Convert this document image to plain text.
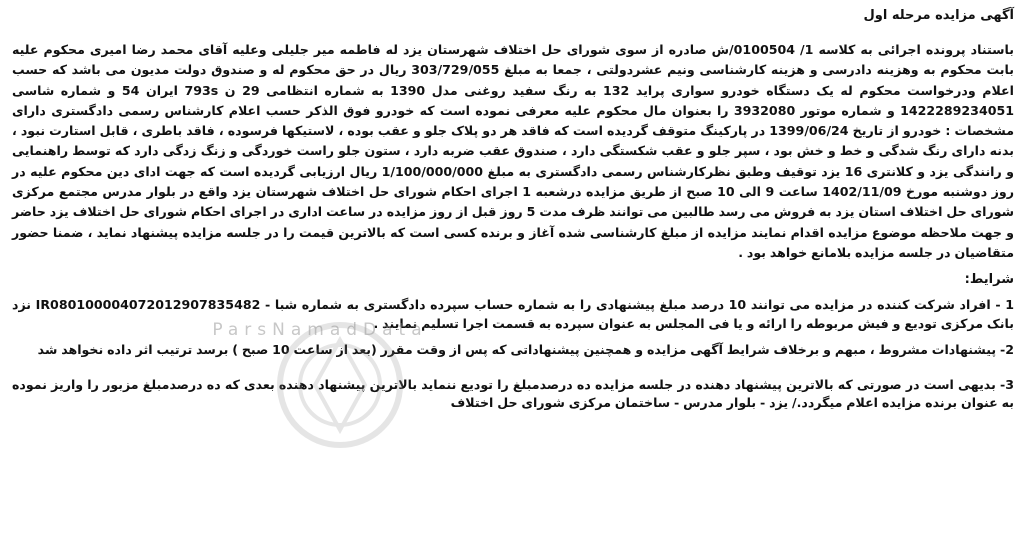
آگهی مزایده مرحله اول
باستناد پرونده اجرائی به کلاسه 1/ 0100504/ش صادره از سوی شورای حل اختلاف شهرستان یزد له فاطمه میر جلیلی وعلیه آقای محمد رضا امیری محکوم علیه بابت محکوم به وهزینه دادرسی و هزینه کارشناسی ونیم عشردولتی ، جمعا به مبلغ 303/729/055 ریال در حق محکوم له و صندوق دولت مدیون می باشد که حسب اعلام ودرخواست محکوم له یک دستگاه خودرو سواری پراید 132 به رنگ سفید روغنی مدل 1390 به شماره انتظامی 29 ن 793s ایران 54 و شماره شاسی 1422289234051 و شماره موتور 3932080 را بعنوان مال محکوم علیه معرفی نموده است که خودرو فوق الذکر حسب اعلام کارشناس رسمی دادگستری دارای مشخصات : خودرو از تاریخ 1399/06/24 در پارکینگ متوقف گردیده است که فاقد هر دو پلاک جلو و عقب بوده ، لاستیکها فرسوده ، فاقد باطری ، قابل استارت نبود ، بدنه دارای رنگ شدگی و خط و خش بود ، سپر جلو و عقب شکستگی دارد ، صندوق عقب ضربه دارد ، ستون جلو راست خوردگی و زنگ زدگی دارد که توسط راهنمایی و رانندگی یزد و کلانتری 16 یزد توقیف وطبق نظرکارشناس رسمی دادگستری به مبلغ 1/100/000/000 ریال ارزیابی گردیده است که جهت ادای دین محکوم علیه در روز دوشنبه مورخ 1402/11/09 ساعت 9 الی 10 صبح از طریق مزایده درشعبه 1 اجرای احکام شورای حل اختلاف شهرستان یزد واقع در بلوار مدرس مجتمع مرکزی شورای حل اختلاف استان یزد به فروش می رسد طالبین می توانند ظرف مدت 5 روز قبل از روز مزایده در ساعت اداری در اجرای احکام شورای حل اختلاف یزد حاضر و جهت ملاحظه موضوع مزایده اقدام نمایند مزایده از مبلغ کارشناسی شده آغاز و برنده کسی است که بالاترین قیمت را در جلسه مزایده پیشنهاد نماید ، ضمنا حضور متقاضیان در جلسه مزایده بلامانع خواهد بود .
شرایط:
1 - افراد شرکت کننده در مزایده می توانند 10 درصد مبلغ پیشنهادی را به شماره حساب سپرده دادگستری به شماره شبا - IR080100004072012907835482 نزد بانک مرکزی توديع و فيش مربوطه را ارائه و يا فی المجلس به عنوان سپرده به قسمت اجرا تسليم نمايند .
2- پیشنهادات مشروط ، مبهم و برخلاف شرایط آگهی مزایده و همچنین پیشنهاداتی که پس از وقت مقرر (بعد از ساعت 10 صبح ) برسد ترتیب اثر داده نخواهد شد
3- بدیهی است در صورتی که بالاترین پیشنهاد دهنده در جلسه مزایده ده درصدمبلغ را توديع ننماید بالاترین پیشنهاد دهنده بعدی که ده درصدمبلغ مزبور را واریز نموده به عنوان برنده مزایده اعلام میگردد./ یزد - بلوار مدرس - ساختمان مرکزی شورای حل اختلاف
ParsNamadData
